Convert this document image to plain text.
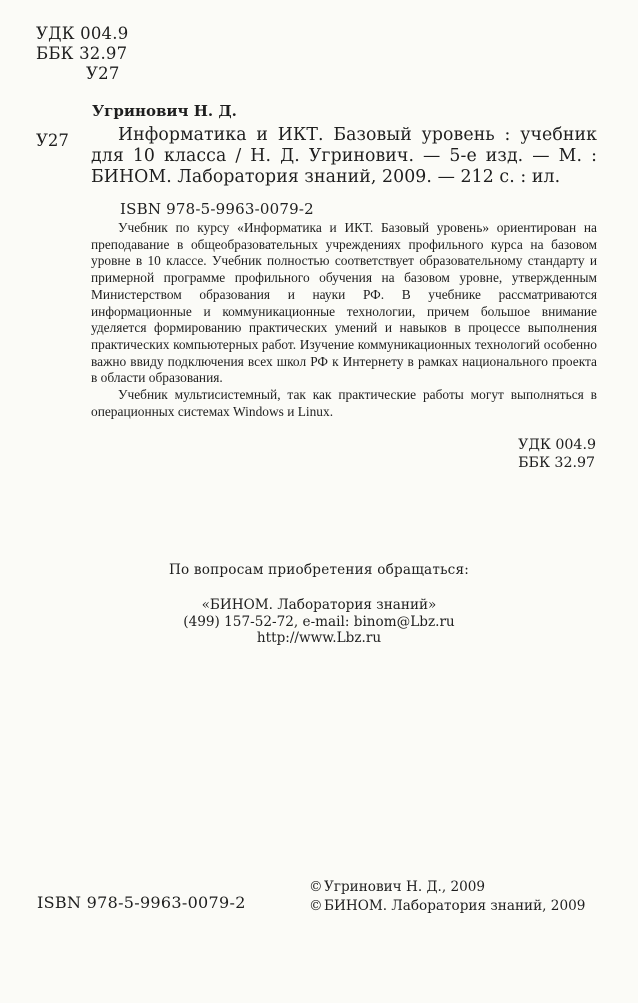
УДК 004.9
ББК 32.97
У27
Угринович Н. Д.
У27	Информатика и ИКТ. Базовый уровень : учебник для 10 класса / Н. Д. Угринович. — 5-е изд. — М. : БИНОМ. Лаборатория знаний, 2009. — 212 с. : ил.
ISBN 978-5-9963-0079-2

Учебник по курсу «Информатика и ИКТ. Базовый уровень» ориентирован на преподавание в общеобразовательных учреждениях профильного курса на базовом уровне в 10 классе. Учебник полностью соответствует образовательному стандарту и примерной программе профильного обучения на базовом уровне, утвержденным Министерством образования и науки РФ. В учебнике рассматриваются информационные и коммуникационные технологии, причем большое внимание уделяется формированию практических умений и навыков в процессе выполнения практических компьютерных работ. Изучение коммуникационных технологий особенно важно ввиду подключения всех школ РФ к Интернету в рамках национального проекта в области образования.

Учебник мультисистемный, так как практические работы могут выполняться в операционных системах Windows и Linux.

УДК 004.9
ББК 32.97
По вопросам приобретения обращаться:
«БИНОМ. Лаборатория знаний»
(499) 157-52-72, e-mail: binom@Lbz.ru
http://www.Lbz.ru
ISBN 978-5-9963-0079-2
©Угринович Н. Д., 2009
©БИНОМ. Лаборатория знаний, 2009
